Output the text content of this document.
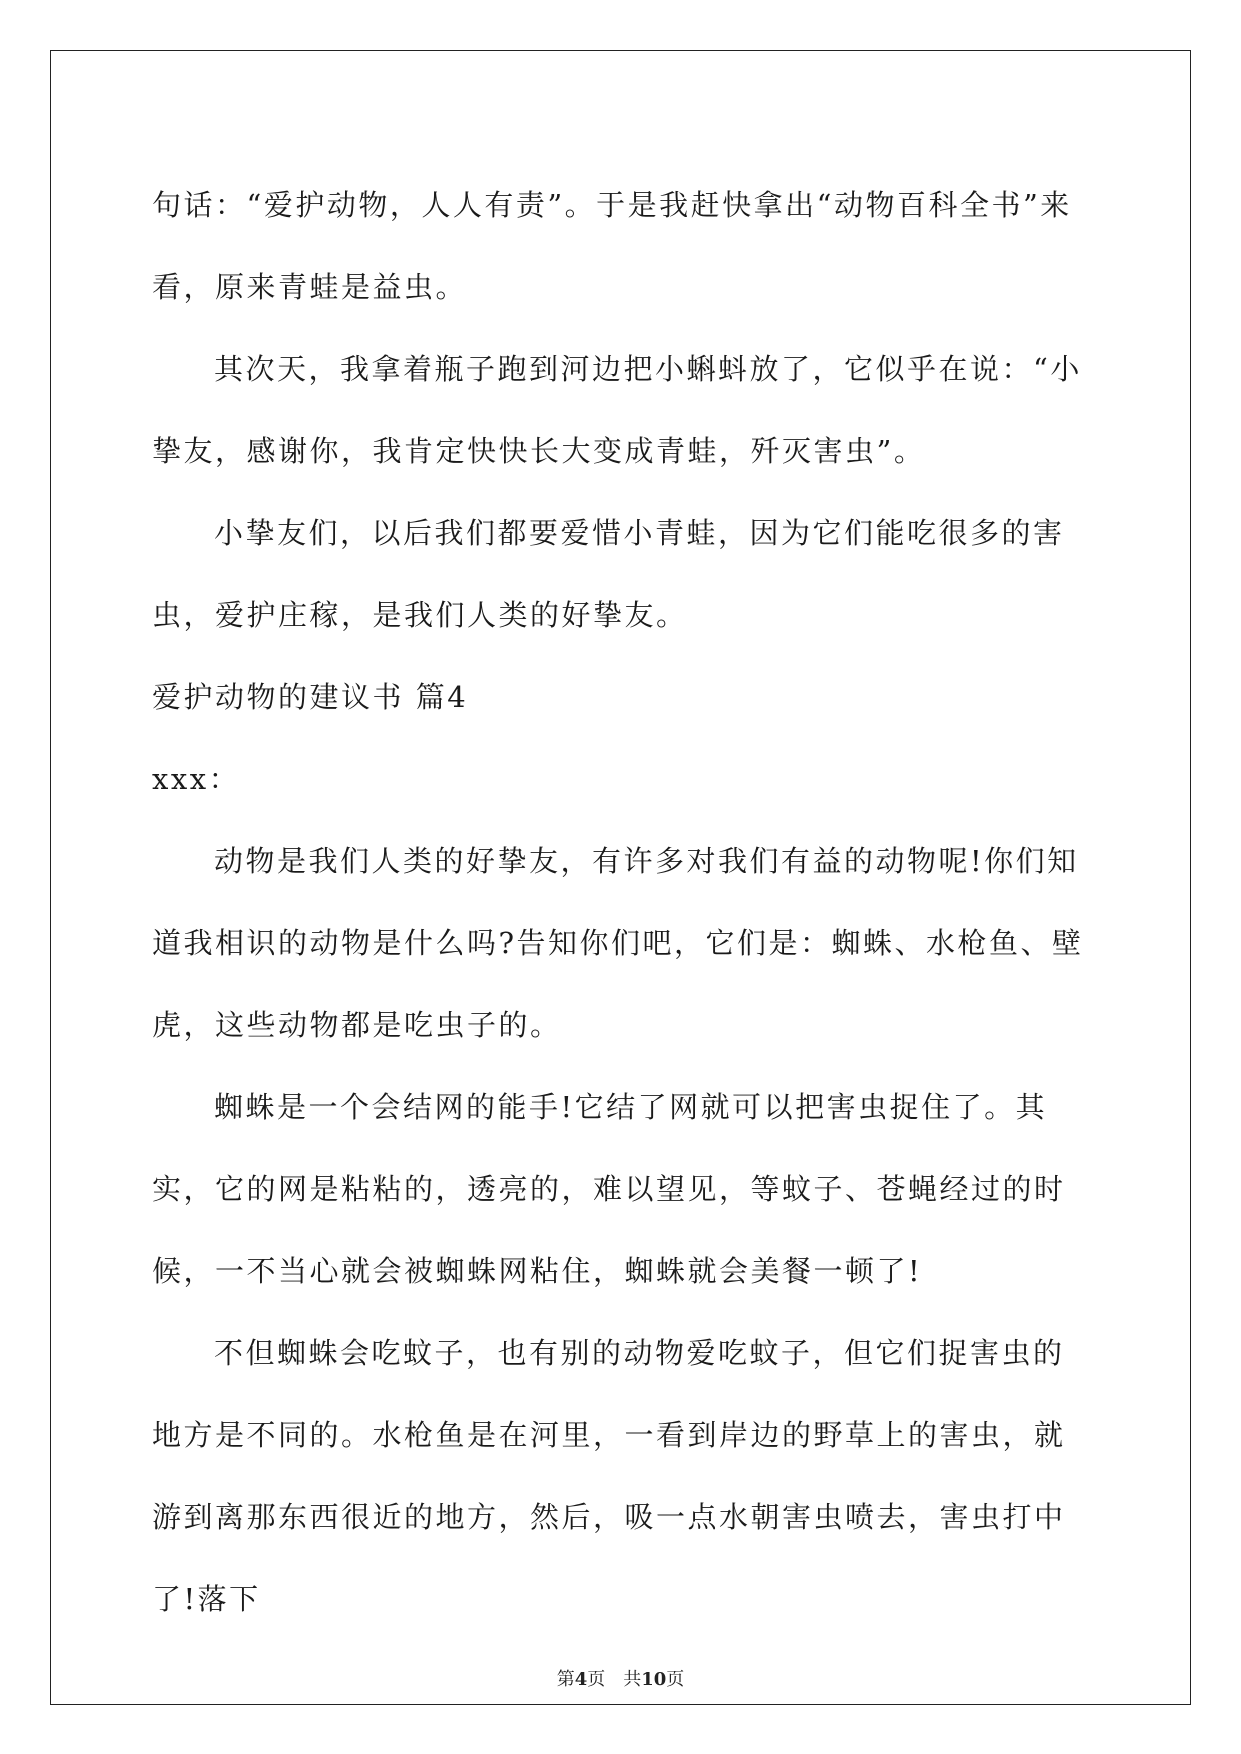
句话：“爱护动物，人人有责”。于是我赶快拿出“动物百科全书”来看，原来青蛙是益虫。

其次天，我拿着瓶子跑到河边把小蝌蚪放了，它似乎在说：“小挚友，感谢你，我肯定快快长大变成青蛙，歼灭害虫”。

小挚友们，以后我们都要爱惜小青蛙，因为它们能吃很多的害虫，爱护庄稼，是我们人类的好挚友。

爱护动物的建议书 篇4

xxx：

动物是我们人类的好挚友，有许多对我们有益的动物呢!你们知道我相识的动物是什么吗?告知你们吧，它们是：蜘蛛、水枪鱼、壁虎，这些动物都是吃虫子的。

蜘蛛是一个会结网的能手!它结了网就可以把害虫捉住了。其实，它的网是粘粘的，透亮的，难以望见，等蚊子、苍蝇经过的时候，一不当心就会被蜘蛛网粘住，蜘蛛就会美餐一顿了!

不但蜘蛛会吃蚊子，也有别的动物爱吃蚊子，但它们捉害虫的地方是不同的。水枪鱼是在河里，一看到岸边的野草上的害虫，就游到离那东西很近的地方，然后，吸一点水朝害虫喷去，害虫打中了!落下

第4页　共10页
